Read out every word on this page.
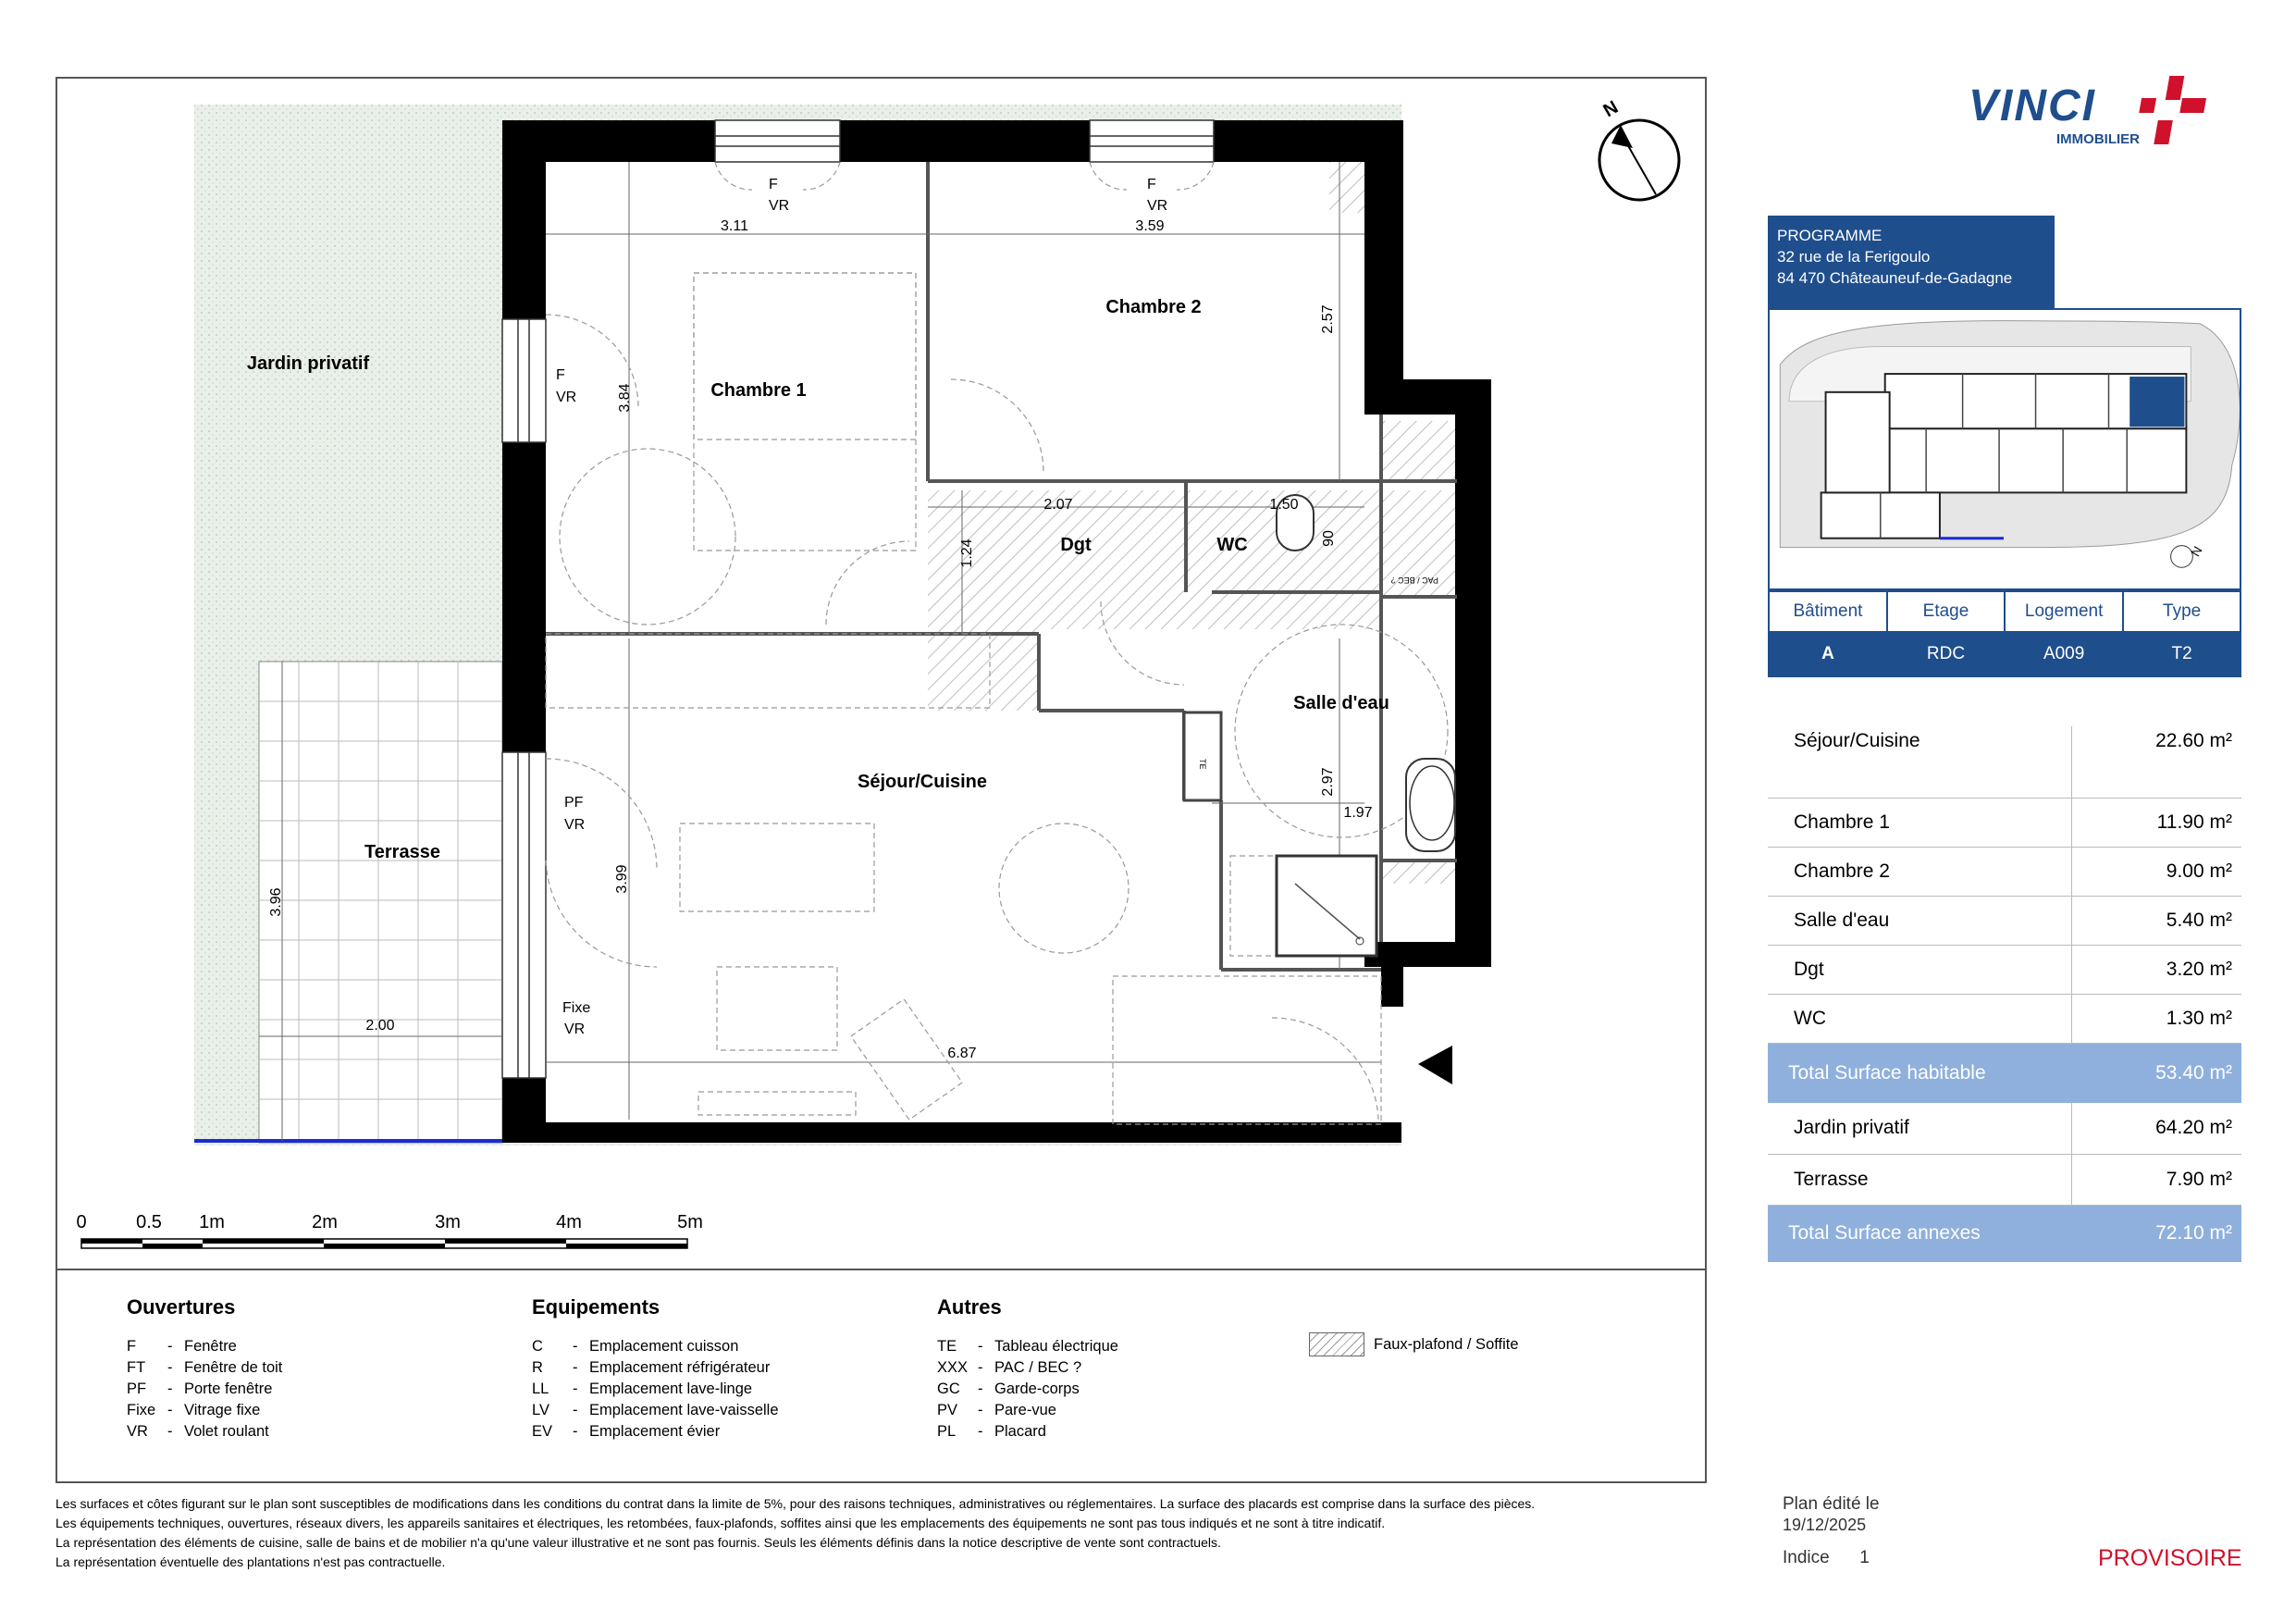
N
Jardin privatif
Terrasse
Chambre 1
Chambre 2
Dgt	WC
Salle d'eau
Séjour/Cuisine
3.11	3.59
3.84
2.57
2.07	1.50
1.24
90
2.97
1.97
3.99
6.87
3.96
2.00
F
VR
F
VR
F
VR
PF
VR
Fixe
VR
TE
PAC / BEC ?
0	0.5 1m	2m	3m	4m	5m
Ouvertures
F - Fenêtre
FT - Fenêtre de toit
PF - Porte fenêtre
Fixe - Vitrage fixe
VR - Volet roulant
Equipements
C - Emplacement cuisson
R - Emplacement réfrigérateur
LL - Emplacement lave-linge
LV - Emplacement lave-vaisselle
EV - Emplacement évier
Autres
TE - Tableau électrique
XXX - PAC / BEC ?
GC - Garde-corps
PV - Pare-vue
PL - Placard
Faux-plafond / Soffite
VINCI
IMMOBILIER
PROGRAMME
32 rue de la Ferigoulo
84 470 Châteauneuf-de-Gadagne
N
Bâtiment	Etage	Logement	Type
A	RDC	A009	T2
Séjour/Cuisine	22.60 m²
Chambre 1	11.90 m²
Chambre 2	9.00 m²
Salle d'eau	5.40 m²
Dgt	3.20 m²
WC	1.30 m²
Total Surface habitable	53.40 m²
Jardin privatif	64.20 m²
Terrasse	7.90 m²
Total Surface annexes	72.10 m²
Les surfaces et côtes figurant sur le plan sont susceptibles de modifications dans les conditions du contrat dans la limite de 5%, pour des raisons techniques, administratives ou réglementaires. La surface des placards est comprise dans la surface des pièces.
Les équipements techniques, ouvertures, réseaux divers, les appareils sanitaires et électriques, les retombées, faux-plafonds, soffites ainsi que les emplacements des équipements ne sont pas tous indiqués et ne sont à titre indicatif.
La représentation des éléments de cuisine, salle de bains et de mobilier n'a qu'une valeur illustrative et ne sont pas fournis. Seuls les éléments définis dans la notice descriptive de vente sont contractuels.
La représentation éventuelle des plantations n'est pas contractuelle.
Plan édité le
19/12/2025
Indice 1	PROVISOIRE
